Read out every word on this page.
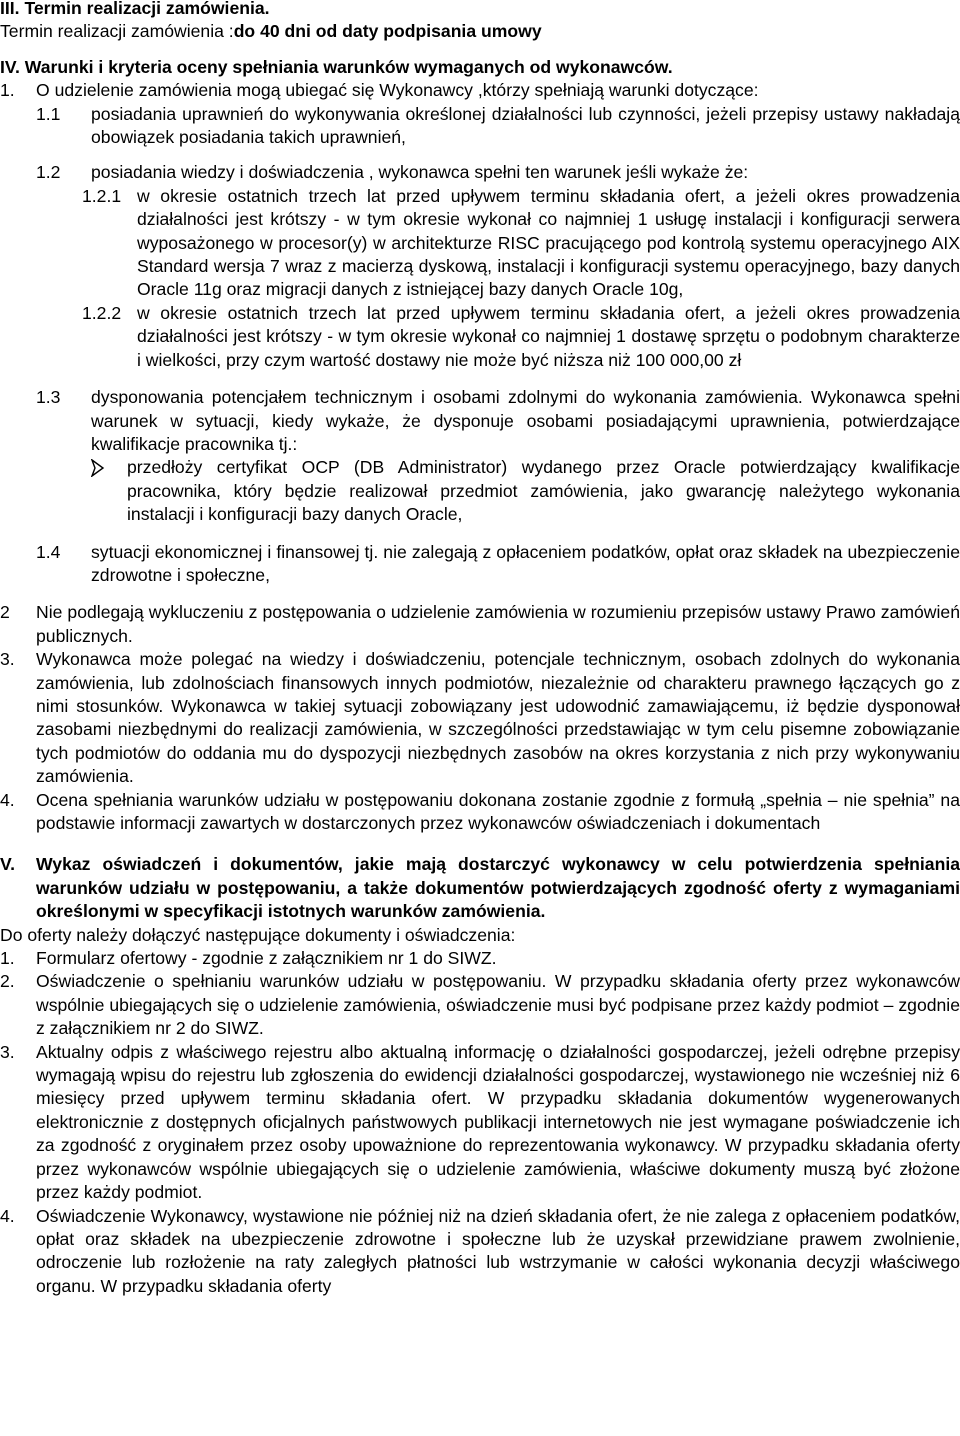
III. Termin realizacji zamówienia.

Termin realizacji zamówienia :do 40 dni od daty podpisania umowy

IV. Warunki i kryteria oceny spełniania warunków wymaganych od wykonawców.

1.	O udzielenie zamówienia mogą ubiegać się Wykonawcy ,którzy spełniają warunki dotyczące:
1.1	posiadania uprawnień do wykonywania określonej działalności lub czynności, jeżeli przepisy ustawy nakładają obowiązek posiadania takich uprawnień,
1.2	posiadania wiedzy i doświadczenia , wykonawca spełni ten warunek jeśli wykaże że:
1.2.1 w okresie ostatnich trzech lat przed upływem terminu składania ofert, a jeżeli okres prowadzenia działalności jest krótszy - w tym okresie wykonał co najmniej 1 usługę instalacji i konfiguracji serwera wyposażonego w procesor(y) w architekturze RISC pracującego pod kontrolą systemu operacyjnego AIX Standard wersja 7 wraz z macierzą dyskową, instalacji i konfiguracji systemu operacyjnego, bazy danych Oracle 11g oraz migracji danych z istniejącej bazy danych Oracle 10g,
1.2.2 w okresie ostatnich trzech lat przed upływem terminu składania ofert, a jeżeli okres prowadzenia działalności jest krótszy - w tym okresie wykonał co najmniej 1 dostawę sprzętu o podobnym charakterze i wielkości, przy czym wartość dostawy nie może być niższa niż 100 000,00 zł
1.3	dysponowania potencjałem technicznym i osobami zdolnymi do wykonania zamówienia. Wykonawca spełni warunek w sytuacji, kiedy wykaże, że dysponuje osobami posiadającymi uprawnienia, potwierdzające kwalifikacje pracownika tj.:
przedłoży certyfikat OCP (DB Administrator) wydanego przez Oracle potwierdzający kwalifikacje pracownika, który będzie realizował przedmiot zamówienia, jako gwarancję należytego wykonania instalacji i konfiguracji bazy danych Oracle,
1.4	sytuacji ekonomicznej i finansowej tj. nie zalegają z opłaceniem podatków, opłat oraz składek na ubezpieczenie zdrowotne i społeczne,
2	Nie podlegają wykluczeniu z postępowania o udzielenie zamówienia w rozumieniu przepisów ustawy Prawo zamówień publicznych.
3.	Wykonawca może polegać na wiedzy i doświadczeniu, potencjale technicznym, osobach zdolnych do wykonania zamówienia, lub zdolnościach finansowych innych podmiotów, niezależnie od charakteru prawnego łączących go z nimi stosunków. Wykonawca w takiej sytuacji zobowiązany jest udowodnić zamawiającemu, iż będzie dysponował zasobami niezbędnymi do realizacji zamówienia, w szczególności przedstawiając w tym celu pisemne zobowiązanie tych podmiotów do oddania mu do dyspozycji niezbędnych zasobów na okres korzystania z nich przy wykonywaniu zamówienia.
4.	Ocena spełniania warunków udziału w postępowaniu dokonana zostanie zgodnie z formułą „spełnia – nie spełnia” na podstawie informacji zawartych w dostarczonych przez wykonawców oświadczeniach i dokumentach
V.	Wykaz oświadczeń i dokumentów, jakie mają dostarczyć wykonawcy w celu potwierdzenia spełniania warunków udziału w postępowaniu, a także dokumentów potwierdzających zgodność oferty z wymaganiami określonymi w specyfikacji istotnych warunków zamówienia.

Do oferty należy dołączyć następujące dokumenty i oświadczenia:

1.	Formularz ofertowy - zgodnie z załącznikiem nr 1 do SIWZ.
2.	Oświadczenie o spełnianiu warunków udziału w postępowaniu. W przypadku składania oferty przez wykonawców wspólnie ubiegających się o udzielenie zamówienia, oświadczenie musi być podpisane przez każdy podmiot – zgodnie z załącznikiem nr 2 do SIWZ.
3.	Aktualny odpis z właściwego rejestru albo aktualną informację o działalności gospodarczej, jeżeli odrębne przepisy wymagają wpisu do rejestru lub zgłoszenia do ewidencji działalności gospodarczej, wystawionego nie wcześniej niż 6 miesięcy przed upływem terminu składania ofert. W przypadku składania dokumentów wygenerowanych elektronicznie z dostępnych oficjalnych państwowych publikacji internetowych nie jest wymagane poświadczenie ich za zgodność z oryginałem przez osoby upoważnione do reprezentowania wykonawcy. W przypadku składania oferty przez wykonawców wspólnie ubiegających się o udzielenie zamówienia, właściwe dokumenty muszą być złożone przez każdy podmiot.
4.	Oświadczenie Wykonawcy, wystawione nie później niż na dzień składania ofert, że nie zalega z opłaceniem podatków, opłat oraz składek na ubezpieczenie zdrowotne i społeczne lub że uzyskał przewidziane prawem zwolnienie, odroczenie lub rozłożenie na raty zaległych płatności lub wstrzymanie w całości wykonania decyzji właściwego organu. W przypadku składania oferty
